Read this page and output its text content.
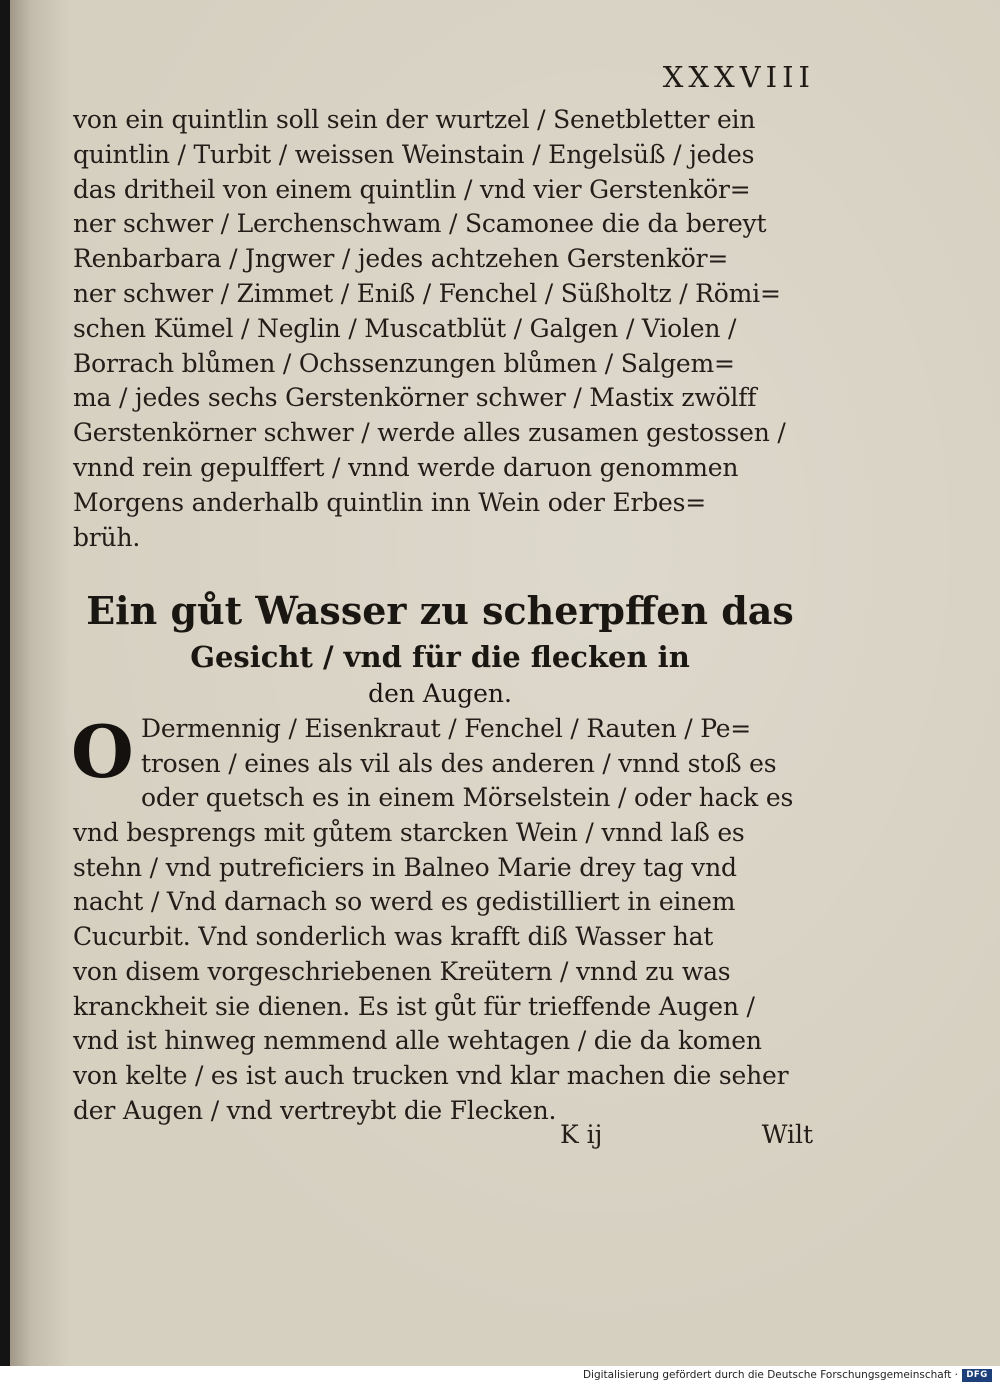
XXXVIII
von ein quintlin soll sein der wurtzel / Senetbletter ein
quintlin / Turbit / weissen Weinstain / Engelsüß / jedes
das dritheil von einem quintlin / vnd vier Gerstenkör=
ner schwer / Lerchenschwam / Scamonee die da bereyt
Renbarbara / Jngwer / jedes achtzehen Gerstenkör=
ner schwer / Zimmet / Eniß / Fenchel / Süßholtz / Römi=
schen Kümel / Neglin / Muscatblüt / Galgen / Violen /
Borrach blůmen / Ochssenzungen blůmen / Salgem=
ma / jedes sechs Gerstenkörner schwer / Mastix zwölff
Gerstenkörner schwer / werde alles zusamen gestossen /
vnnd rein gepulffert / vnnd werde daruon genommen
Morgens anderhalb quintlin inn Wein oder Erbes=
brüh.
Ein gůt Wasser zu scherpffen das
Gesicht / vnd für die flecken in
den Augen.
O Dermennig / Eisenkraut / Fenchel / Rauten / Pe=
trosen / eines als vil als des anderen / vnnd stoß es
oder quetsch es in einem Mörselstein / oder hack es
vnd besprengs mit gůtem starcken Wein / vnnd laß es
stehn / vnd putreficiers in Balneo Marie drey tag vnd
nacht / Vnd darnach so werd es gedistilliert in einem
Cucurbit. Vnd sonderlich was krafft diß Wasser hat
von disem vorgeschriebenen Kreütern / vnnd zu was
kranckheit sie dienen. Es ist gůt für trieffende Augen /
vnd ist hinweg nemmend alle wehtagen / die da komen
von kelte / es ist auch trucken vnd klar machen die seher
der Augen / vnd vertreybt die Flecken.
K ij	Wilt
Digitalisierung gefördert durch die Deutsche Forschungsgemeinschaft · DFG
